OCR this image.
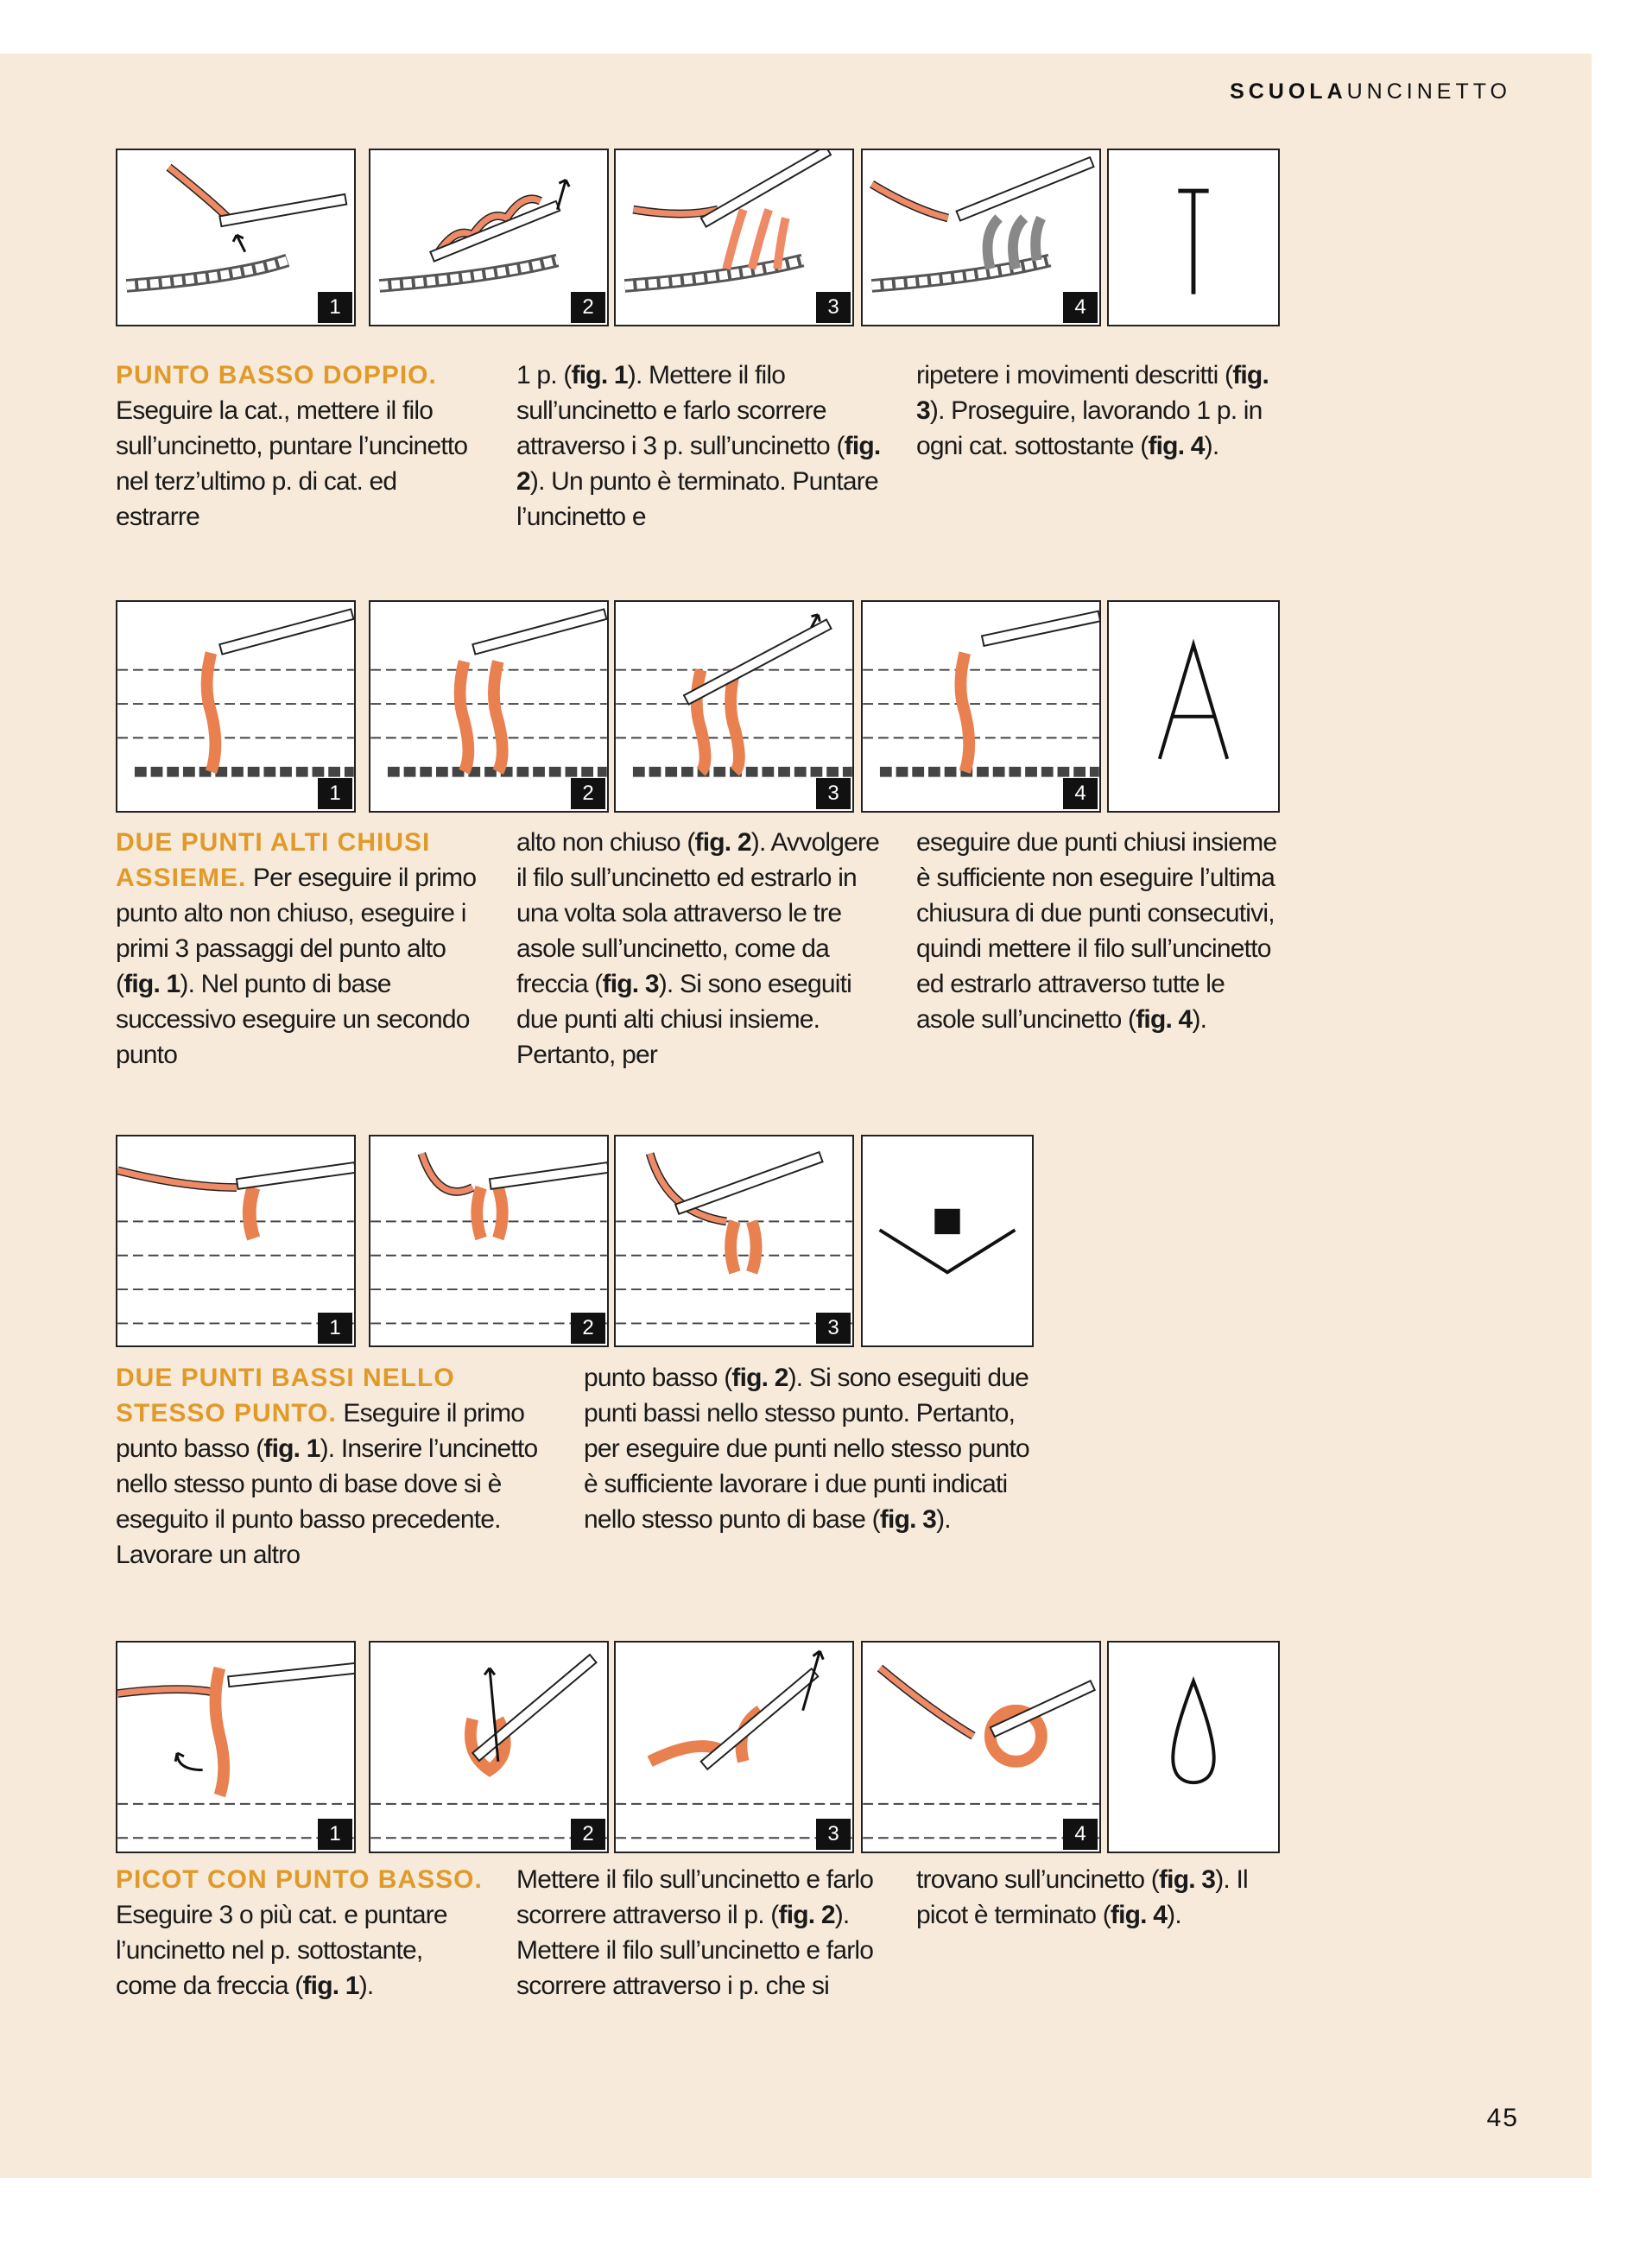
SCUOLAUNCINETTO
1	2	3	4
PUNTO BASSO DOPPIO. Eseguire la cat., mettere il filo sull’uncinetto, puntare l’uncinetto nel terz’ultimo p. di cat. ed estrarre
1 p. (fig. 1). Mettere il filo sull’uncinetto e farlo scorrere attraverso i 3 p. sull’uncinetto (fig. 2). Un punto è terminato. Puntare l’uncinetto e
ripetere i movimenti descritti (fig. 3). Proseguire, lavorando 1 p. in ogni cat. sottostante (fig. 4).
1	2	3	4
DUE PUNTI ALTI CHIUSI ASSIEME. Per eseguire il primo punto alto non chiuso, eseguire i primi 3 passaggi del punto alto (fig. 1). Nel punto di base successivo eseguire un secondo punto
alto non chiuso (fig. 2). Avvolgere il filo sull’uncinetto ed estrarlo in una volta sola attraverso le tre asole sull’uncinetto, come da freccia (fig. 3). Si sono eseguiti due punti alti chiusi insieme. Pertanto, per
eseguire due punti chiusi insieme è sufficiente non eseguire l’ultima chiusura di due punti consecutivi, quindi mettere il filo sull’uncinetto ed estrarlo attraverso tutte le asole sull’uncinetto (fig. 4).
1	2	3
DUE PUNTI BASSI NELLO STESSO PUNTO. Eseguire il primo punto basso (fig. 1). Inserire l’uncinetto nello stesso punto di base dove si è eseguito il punto basso precedente. Lavorare un altro
punto basso (fig. 2). Si sono eseguiti due punti bassi nello stesso punto. Pertanto, per eseguire due punti nello stesso punto è sufficiente lavorare i due punti indicati nello stesso punto di base (fig. 3).
1	2	3	4
PICOT CON PUNTO BASSO. Eseguire 3 o più cat. e puntare l’uncinetto nel p. sottostante, come da freccia (fig. 1).
Mettere il filo sull’uncinetto e farlo scorrere attraverso il p. (fig. 2). Mettere il filo sull’uncinetto e farlo scorrere attraverso i p. che si
trovano sull’uncinetto (fig. 3). Il picot è terminato (fig. 4).
45
